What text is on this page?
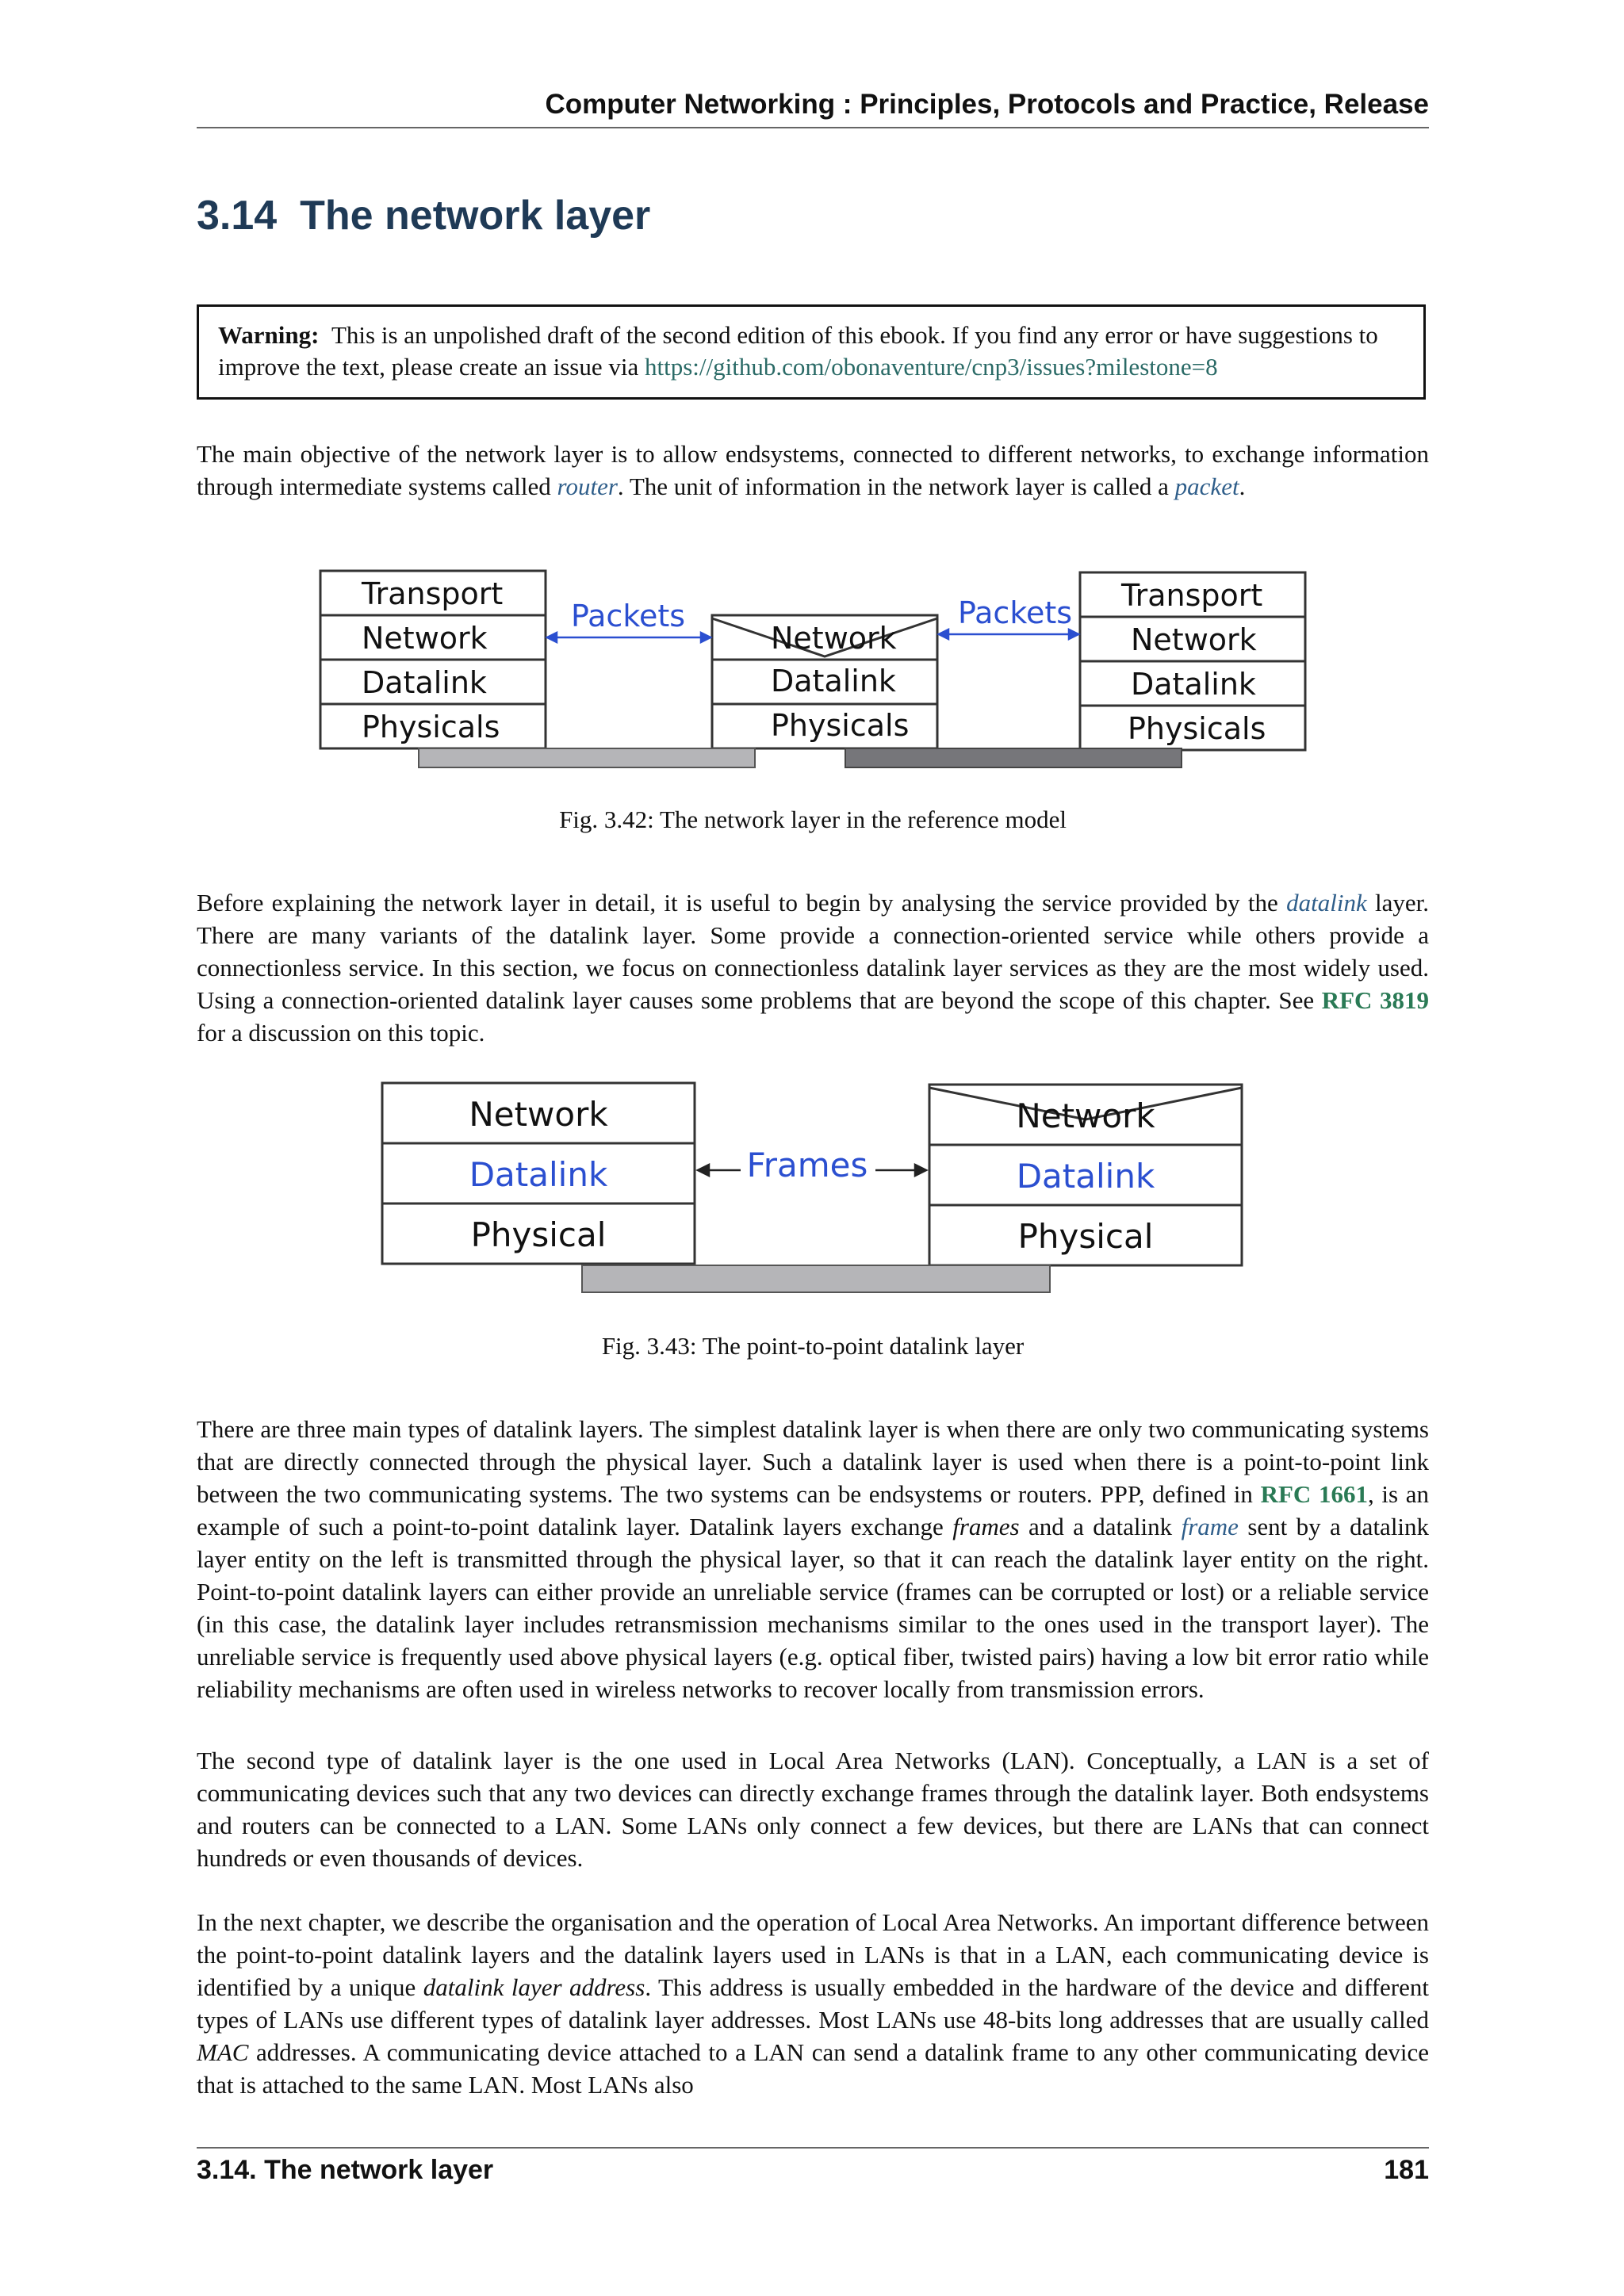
Computer Networking : Principles, Protocols and Practice, Release
3.14 The network layer
Warning: This is an unpolished draft of the second edition of this ebook. If you find any error or have suggestions to improve the text, please create an issue via https://github.com/obonaventure/cnp3/issues?milestone=8

The main objective of the network layer is to allow endsystems, connected to different networks, to exchange information through intermediate systems called router. The unit of information in the network layer is called a packet.

Packets	Packets
Transport
Network
Datalink
Physicals
Network
Datalink
Physicals
Transport
Network
Datalink
Physicals
Fig. 3.42: The network layer in the reference model

Before explaining the network layer in detail, it is useful to begin by analysing the service provided by the datalink layer. There are many variants of the datalink layer. Some provide a connection-oriented service while others provide a connectionless service. In this section, we focus on connectionless datalink layer services as they are the most widely used. Using a connection-oriented datalink layer causes some problems that are beyond the scope of this chapter. See RFC 3819 for a discussion on this topic.

Frames
Network
Datalink
Physical
Network
Datalink
Physical
Fig. 3.43: The point-to-point datalink layer

There are three main types of datalink layers. The simplest datalink layer is when there are only two communicating systems that are directly connected through the physical layer. Such a datalink layer is used when there is a point-to-point link between the two communicating systems. The two systems can be endsystems or routers. PPP, defined in RFC 1661, is an example of such a point-to-point datalink layer. Datalink layers exchange frames and a datalink frame sent by a datalink layer entity on the left is transmitted through the physical layer, so that it can reach the datalink layer entity on the right. Point-to-point datalink layers can either provide an unreliable service (frames can be corrupted or lost) or a reliable service (in this case, the datalink layer includes retransmission mechanisms similar to the ones used in the transport layer). The unreliable service is frequently used above physical layers (e.g. optical fiber, twisted pairs) having a low bit error ratio while reliability mechanisms are often used in wireless networks to recover locally from transmission errors.

The second type of datalink layer is the one used in Local Area Networks (LAN). Conceptually, a LAN is a set of communicating devices such that any two devices can directly exchange frames through the datalink layer. Both endsystems and routers can be connected to a LAN. Some LANs only connect a few devices, but there are LANs that can connect hundreds or even thousands of devices.

In the next chapter, we describe the organisation and the operation of Local Area Networks. An important difference between the point-to-point datalink layers and the datalink layers used in LANs is that in a LAN, each communicating device is identified by a unique datalink layer address. This address is usually embedded in the hardware of the device and different types of LANs use different types of datalink layer addresses. Most LANs use 48-bits long addresses that are usually called MAC addresses. A communicating device attached to a LAN can send a datalink frame to any other communicating device that is attached to the same LAN. Most LANs also

3.14. The network layer	181
